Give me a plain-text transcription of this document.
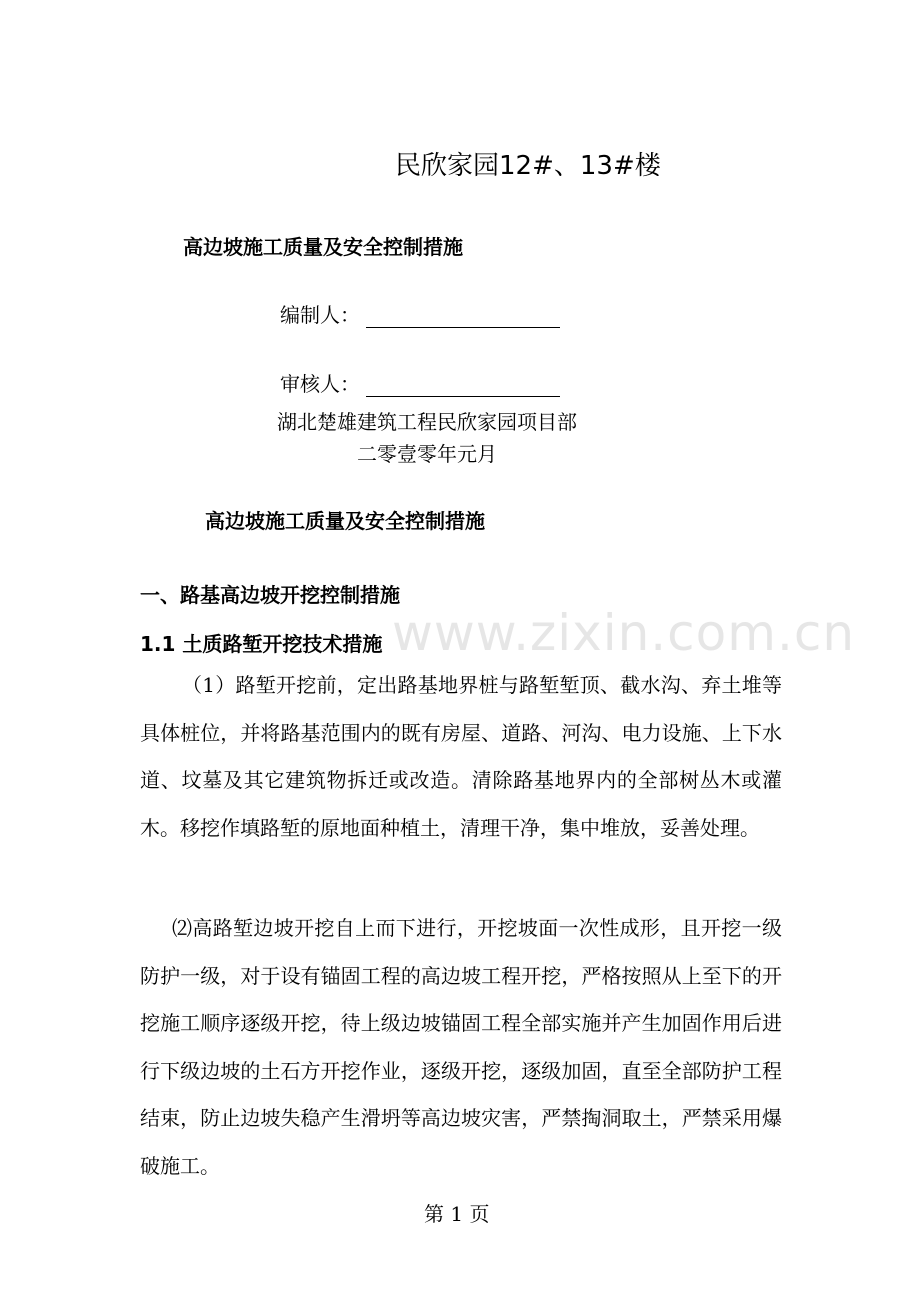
www.zixin.com.cn
民欣家园12#、13#楼
高边坡施工质量及安全控制措施
编制人：
审核人：
湖北楚雄建筑工程民欣家园项目部
二零壹零年元月
高边坡施工质量及安全控制措施
一、路基高边坡开挖控制措施
1.1 土质路堑开挖技术措施
（1）路堑开挖前，定出路基地界桩与路堑堑顶、截水沟、弃土堆等具体桩位，并将路基范围内的既有房屋、道路、河沟、电力设施、上下水道、坟墓及其它建筑物拆迁或改造。清除路基地界内的全部树丛木或灌木。移挖作填路堑的原地面种植土，清理干净，集中堆放，妥善处理。
⑵高路堑边坡开挖自上而下进行，开挖坡面一次性成形，且开挖一级防护一级，对于设有锚固工程的高边坡工程开挖，严格按照从上至下的开挖施工顺序逐级开挖，待上级边坡锚固工程全部实施并产生加固作用后进行下级边坡的土石方开挖作业，逐级开挖，逐级加固，直至全部防护工程结束，防止边坡失稳产生滑坍等高边坡灾害，严禁掏洞取土，严禁采用爆破施工。
第 1 页
